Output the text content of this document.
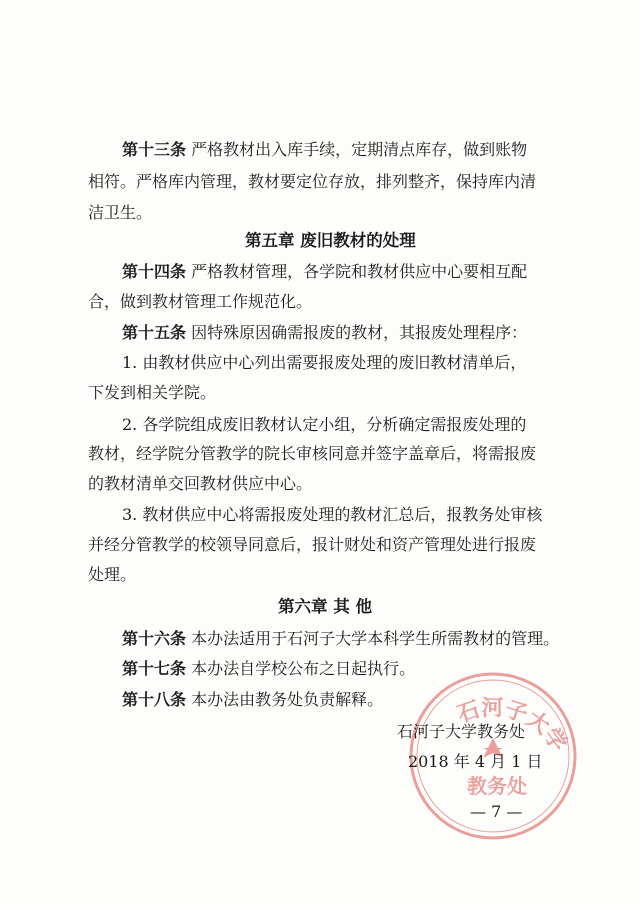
第十三条 严格教材出入库手续，定期清点库存，做到账物
相符。严格库内管理，教材要定位存放，排列整齐，保持库内清
洁卫生。
第五章 废旧教材的处理
第十四条 严格教材管理，各学院和教材供应中心要相互配
合，做到教材管理工作规范化。
第十五条 因特殊原因确需报废的教材，其报废处理程序：
1. 由教材供应中心列出需要报废处理的废旧教材清单后，
下发到相关学院。
2. 各学院组成废旧教材认定小组，分析确定需报废处理的
教材，经学院分管教学的院长审核同意并签字盖章后，将需报废
的教材清单交回教材供应中心。
3. 教材供应中心将需报废处理的教材汇总后，报教务处审核
并经分管教学的校领导同意后，报计财处和资产管理处进行报废
处理。
第六章 其 他
第十六条 本办法适用于石河子大学本科学生所需教材的管理。
第十七条 本办法自学校公布之日起执行。
第十八条 本办法由教务处负责解释。	石河子大学
教务处
石河子大学教务处
2018 年 4 月 1 日
— 7 —
